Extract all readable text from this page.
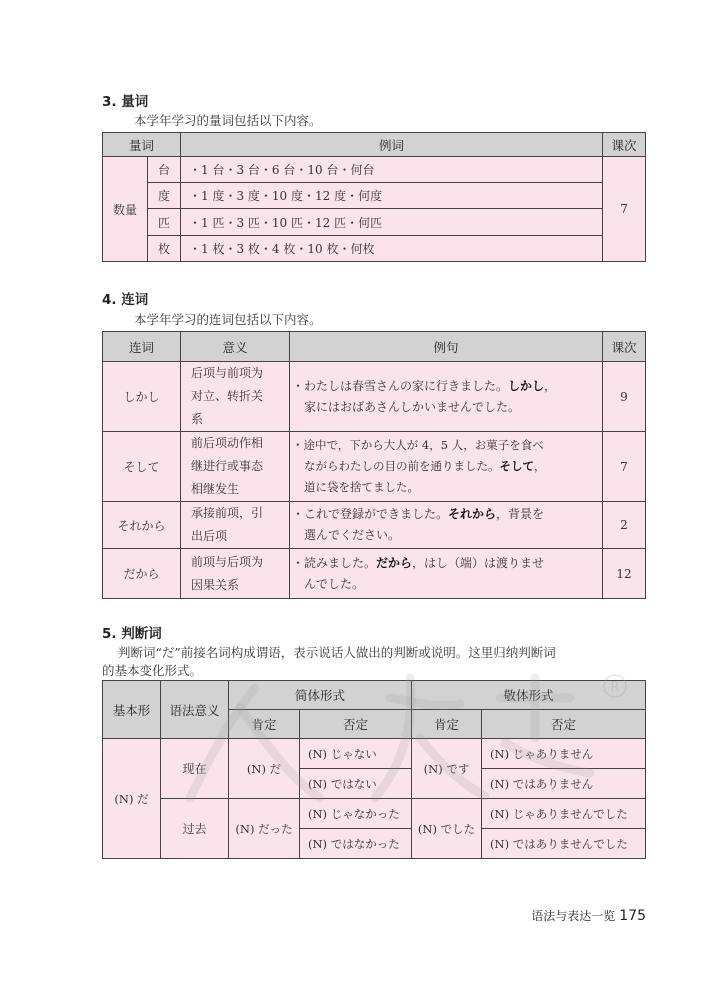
3. 量词
本学年学习的量词包括以下内容。
量词		例词	课次
数量	台	・1 台・3 台・6 台・10 台・何台	7
	度	・1 度・3 度・10 度・12 度・何度	
	匹	・1 匹・3 匹・10 匹・12 匹・何匹	
	枚	・1 枚・3 枚・4 枚・10 枚・何枚	
4. 连词
本学年学习的连词包括以下内容。
连词	意义	例句	课次
しかし	后项与前项为
对立、转折关
系	・わたしは春雪さんの家に行きました。しかし，
家にはおばあさんしかいませんでした。	9
そして	前后项动作相
继进行或事态
相继发生	・途中で，下から大人が 4，5 人，お菓子を食べ
ながらわたしの目の前を通りました。そして，
道に袋を捨てました。	7
それから	承接前项，引
出后项	・これで登録ができました。それから，背景を
選んでください。	2
だから	前项与后项为
因果关系	・読みました。だから，はし（端）は渡りませ
んでした。	12
5. 判断词
判断词“だ”前接名词构成谓语，表示说话人做出的判断或说明。这里归纳判断词
的基本变化形式。
基本形	语法意义	简体形式		敬体形式	
		肯定	否定	肯定	否定
(N) だ	现在	(N) だ	(N) じゃない	(N) です	(N) じゃありません
			(N) ではない		(N) ではありません
	过去	(N) だった	(N) じゃなかった	(N) でした	(N) じゃありませんでした
			(N) ではなかった		(N) ではありませんでした
R
语法与表达一览 175
